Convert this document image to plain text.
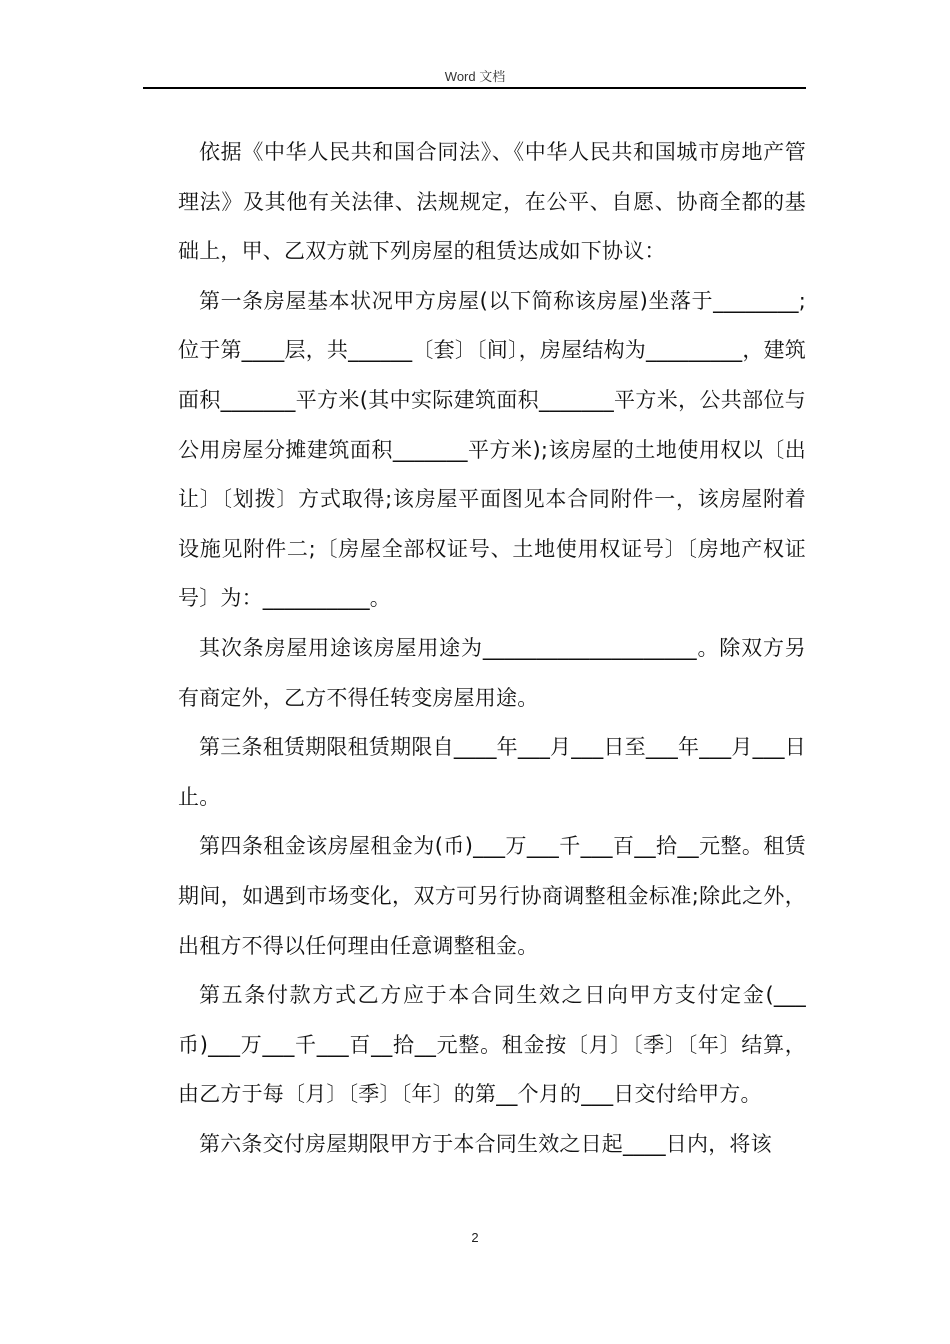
Word 文档

依据《中华人民共和国合同法》、《中华人民共和国城市房地产管理法》及其他有关法律、法规规定，在公平、自愿、协商全都的基础上，甲、乙双方就下列房屋的租赁达成如下协议：

第一条房屋基本状况甲方房屋(以下简称该房屋)坐落于________;位于第____层，共______〔套〕〔间〕，房屋结构为_________，建筑面积_______平方米(其中实际建筑面积_______平方米，公共部位与公用房屋分摊建筑面积_______平方米);该房屋的土地使用权以〔出让〕〔划拨〕方式取得;该房屋平面图见本合同附件一，该房屋附着设施见附件二;〔房屋全部权证号、土地使用权证号〕〔房地产权证号〕为：__________。

其次条房屋用途该房屋用途为____________________。除双方另有商定外，乙方不得任转变房屋用途。

第三条租赁期限租赁期限自____年___月___日至___年___月___日止。

第四条租金该房屋租金为(币)___万___千___百__拾__元整。租赁期间，如遇到市场变化，双方可另行协商调整租金标准;除此之外，出租方不得以任何理由任意调整租金。

第五条付款方式乙方应于本合同生效之日向甲方支付定金(___币)___万___千___百__拾__元整。租金按〔月〕〔季〕〔年〕结算，由乙方于每〔月〕〔季〕〔年〕的第__个月的___日交付给甲方。

第六条交付房屋期限甲方于本合同生效之日起____日内，将该

2
